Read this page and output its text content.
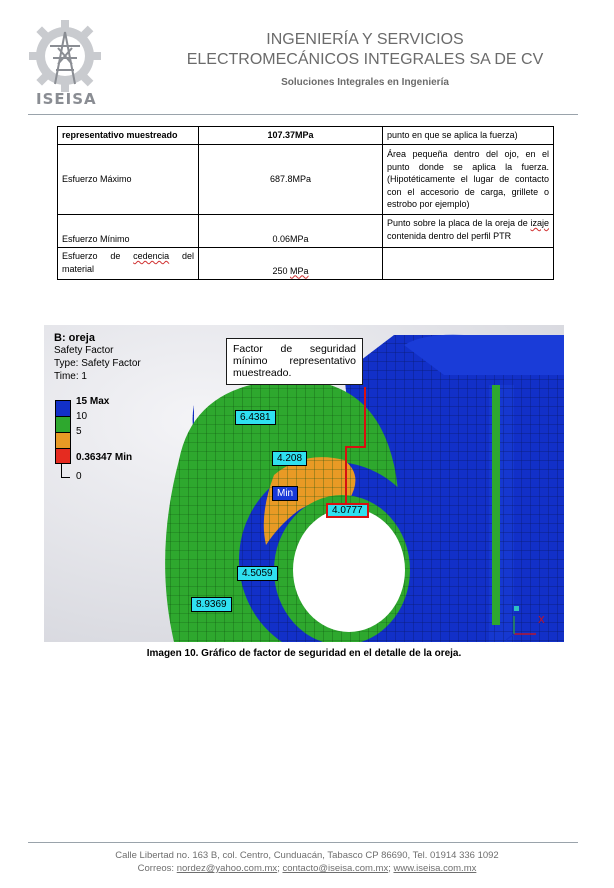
ISEISA
INGENIERÍA Y SERVICIOS
ELECTROMECÁNICOS INTEGRALES SA DE CV
Soluciones Integrales en Ingeniería
representativo muestreado	107.37MPa	punto en que se aplica la fuerza)
Esfuerzo Máximo	687.8MPa	Área pequeña dentro del ojo, en el punto donde se aplica la fuerza.(Hipotéticamente el lugar de contacto con el accesorio de carga, grillete o estrobo por ejemplo)
Esfuerzo Mínimo	0.06MPa	Punto sobre la placa de la oreja de izaje contenida dentro del perfil PTR
Esfuerzo de cedencia del material	250 MPa	
B: oreja
Safety Factor
Type: Safety Factor
Time: 1
15 Max
10
5
0.36347 Min
0
Factor de seguridad mínimo representativo muestreado.
6.4381
4.208
Min
4.0777
4.5059
8.9369
X
Imagen 10. Gráfico de factor de seguridad en el detalle de la oreja.
Calle Libertad no. 163 B, col. Centro, Cunduacán, Tabasco CP 86690, Tel. 01914 336 1092
Correos: nordez@yahoo.com.mx; contacto@iseisa.com.mx; www.iseisa.com.mx
